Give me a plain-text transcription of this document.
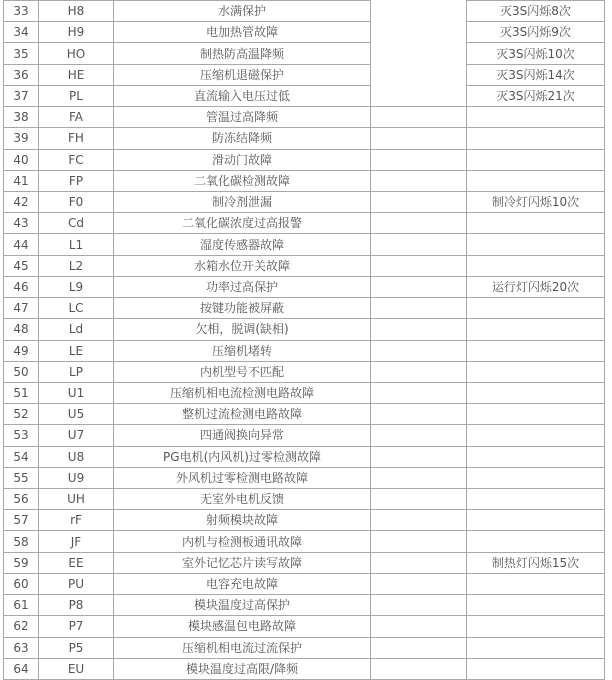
33	H8	水满保护		灭3S闪烁8次
34	H9	电加热管故障		灭3S闪烁9次
35	HO	制热防高温降频		灭3S闪烁10次
36	HE	压缩机退磁保护		灭3S闪烁14次
37	PL	直流输入电压过低		灭3S闪烁21次
38	FA	管温过高降频		
39	FH	防冻结降频		
40	FC	滑动门故障		
41	FP	二氧化碳检测故障		
42	F0	制冷剂泄漏		制冷灯闪烁10次
43	Cd	二氧化碳浓度过高报警		
44	L1	湿度传感器故障		
45	L2	水箱水位开关故障		
46	L9	功率过高保护		运行灯闪烁20次
47	LC	按键功能被屏蔽		
48	Ld	欠相，脱调(缺相)		
49	LE	压缩机堵转		
50	LP	内机型号不匹配		
51	U1	压缩机相电流检测电路故障		
52	U5	整机过流检测电路故障		
53	U7	四通阀换向异常		
54	U8	PG电机(内风机)过零检测故障		
55	U9	外风机过零检测电路故障		
56	UH	无室外电机反馈		
57	rF	射频模块故障		
58	JF	内机与检测板通讯故障		
59	EE	室外记忆芯片读写故障		制热灯闪烁15次
60	PU	电容充电故障		
61	P8	模块温度过高保护		
62	P7	模块感温包电路故障		
63	P5	压缩机相电流过流保护		
64	EU	模块温度过高限/降频		
